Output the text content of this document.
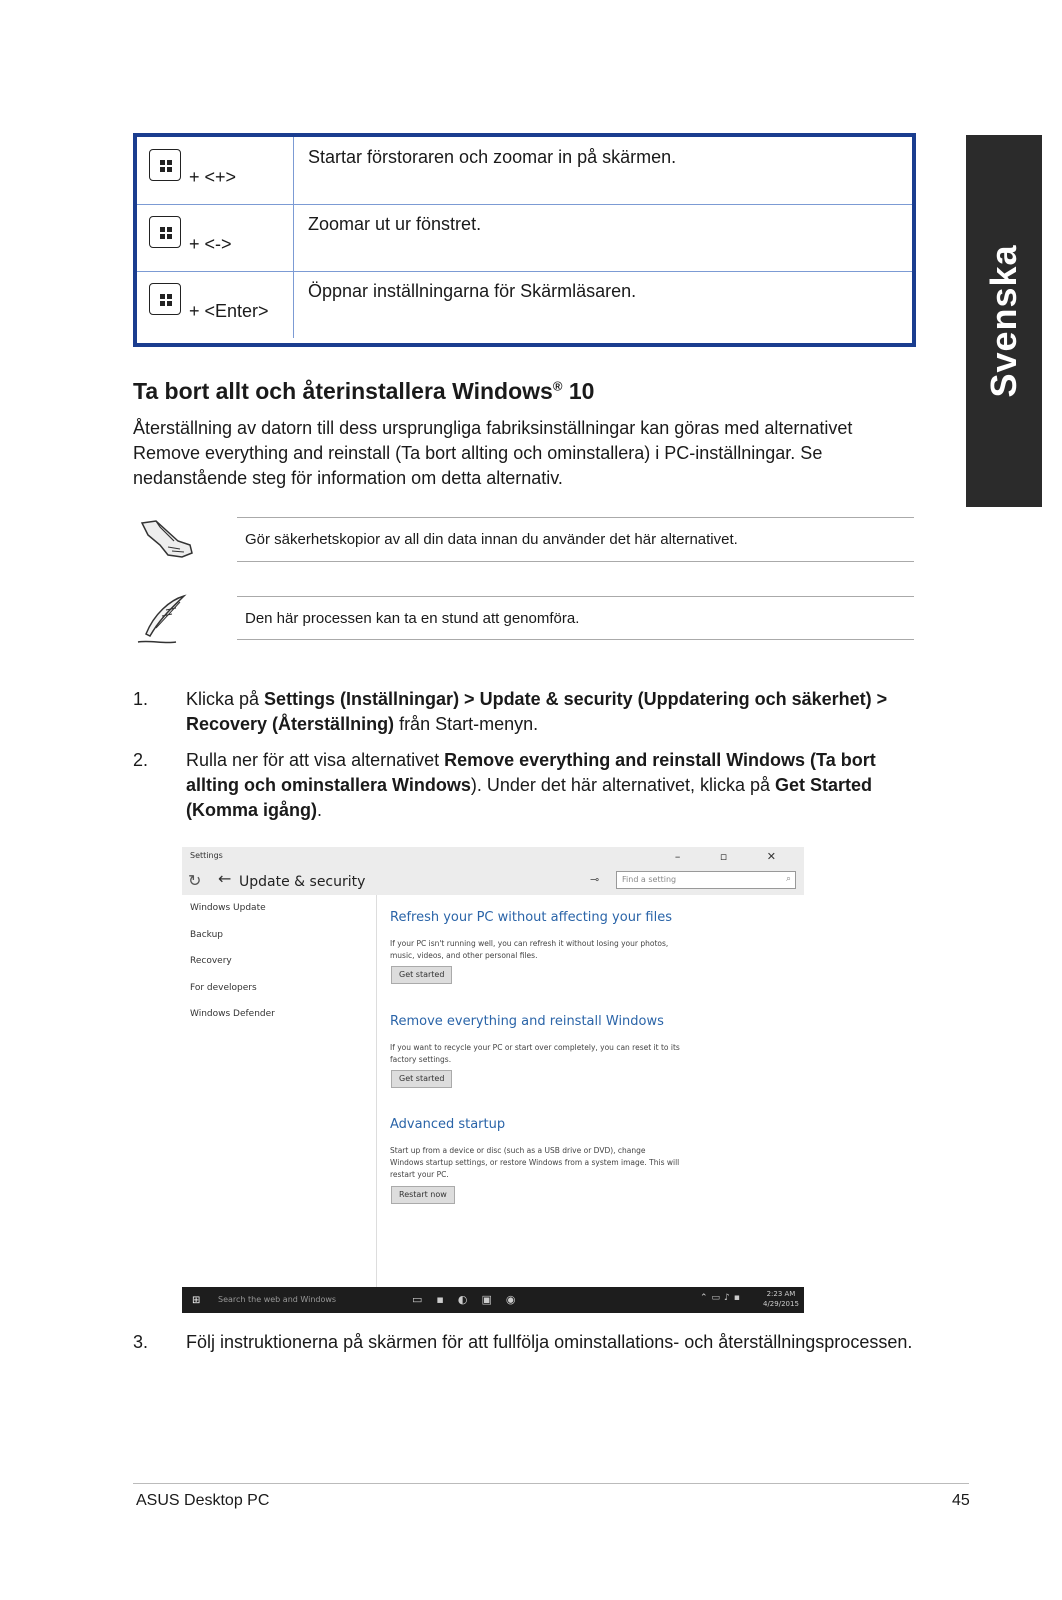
Svenska
+ <+>
Startar förstoraren och zoomar in på skärmen.
+ <->
Zoomar ut ur fönstret.
+ <Enter>
Öppnar inställningarna för Skärmläsaren.
Ta bort allt och återinstallera Windows® 10

Återställning av datorn till dess ursprungliga fabriksinställningar kan göras med alternativet Remove everything and reinstall (Ta bort allting och ominstallera) i PC-inställningar. Se nedanstående steg för information om detta alternativ.

Gör säkerhetskopior av all din data innan du använder det här alternativet.
Den här processen kan ta en stund att genomföra.
1. Klicka på Settings (Inställningar) > Update & security (Uppdatering och säkerhet) > Recovery (Återställning) från Start-menyn.
2. Rulla ner för att visa alternativet Remove everything and reinstall Windows (Ta bort allting och ominstallera Windows). Under det här alternativet, klicka på Get Started (Komma igång).
Settings	– ▫ ✕
↻ ← Update & security	⊸	Find a setting	⌕
Windows Update
Backup
Recovery
For developers
Windows Defender
Refresh your PC without affecting your files
If your PC isn't running well, you can refresh it without losing your photos, music, videos, and other personal files.
Get started
Remove everything and reinstall Windows
If you want to recycle your PC or start over completely, you can reset it to its factory settings.
Get started
Advanced startup
Start up from a device or disc (such as a USB drive or DVD), change Windows startup settings, or restore Windows from a system image. This will restart your PC.
Restart now
⊞ Search the web and Windows	▭▪◐▣◉	⌃▭♪▪	2:23 AM
4/29/2015
3. Följ instruktionerna på skärmen för att fullfölja ominstallations- och återställningsprocessen.
ASUS Desktop PC	45
